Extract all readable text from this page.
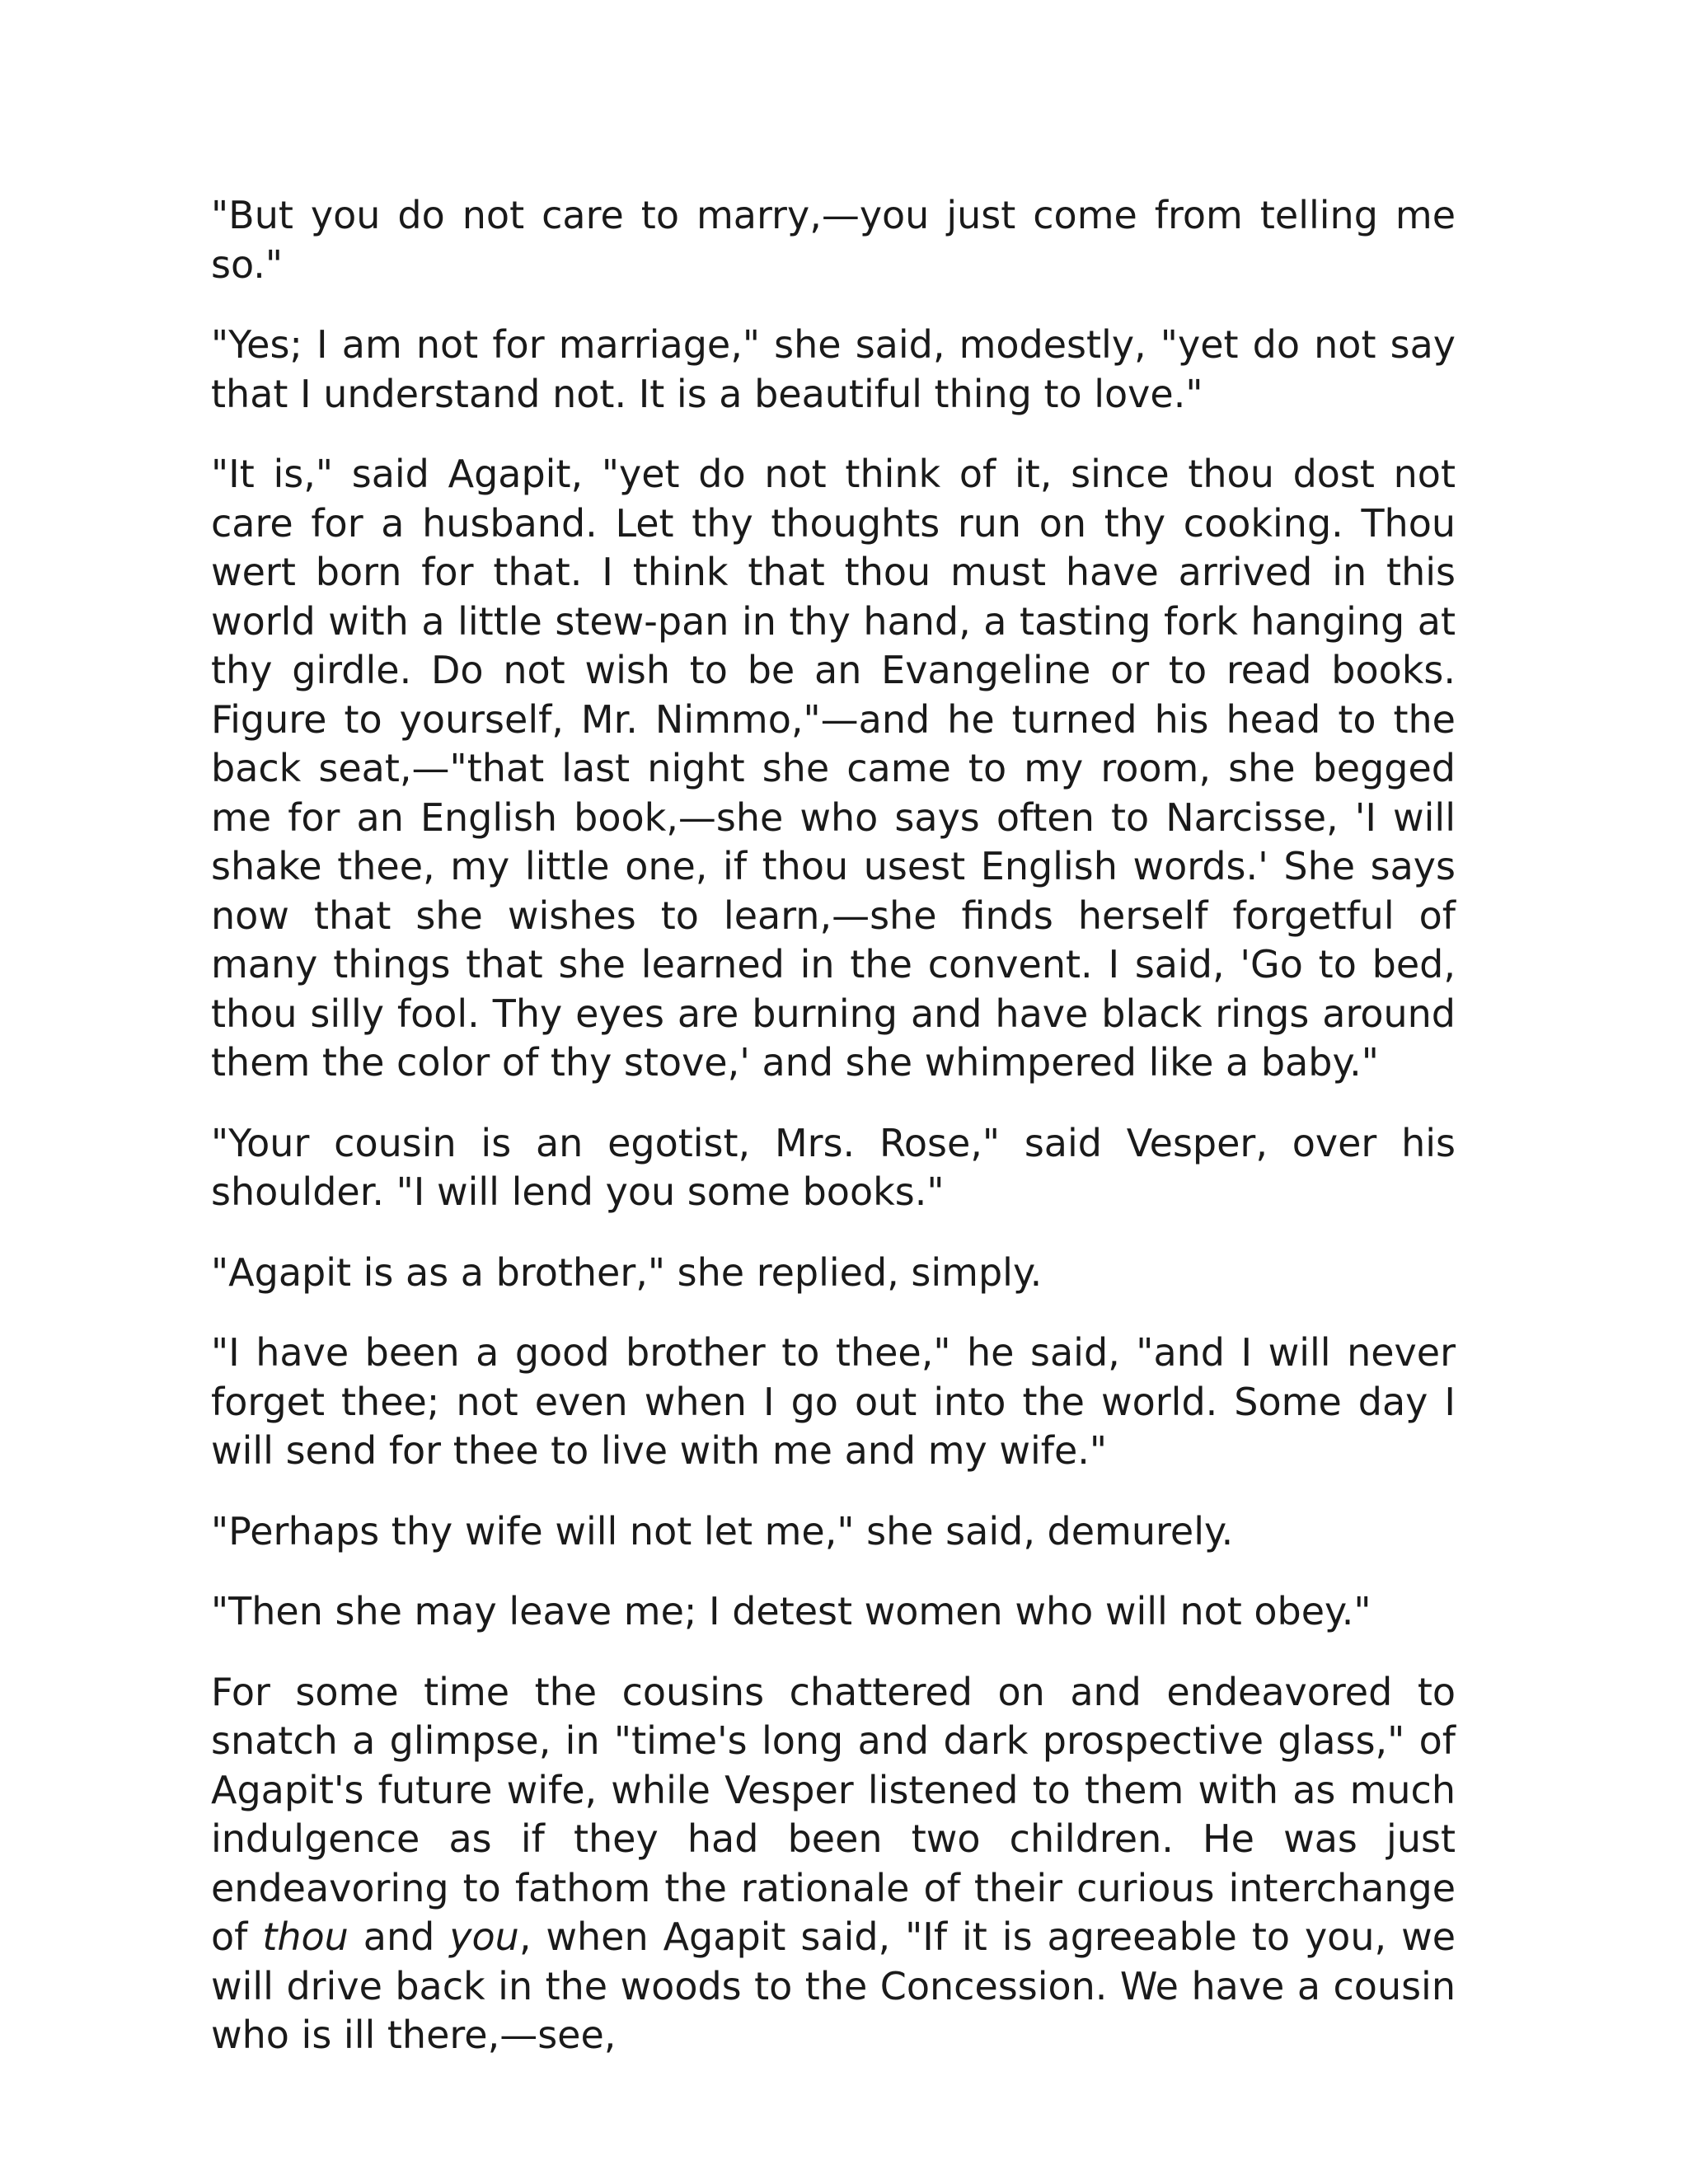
"But you do not care to marry,—you just come from telling me so."

"Yes; I am not for marriage," she said, modestly, "yet do not say that I understand not. It is a beautiful thing to love."

"It is," said Agapit, "yet do not think of it, since thou dost not care for a husband. Let thy thoughts run on thy cooking. Thou wert born for that. I think that thou must have arrived in this world with a little stew-pan in thy hand, a tasting fork hanging at thy girdle. Do not wish to be an Evangeline or to read books. Figure to yourself, Mr. Nimmo,"—and he turned his head to the back seat,—"that last night she came to my room, she begged me for an English book,—she who says often to Narcisse, 'I will shake thee, my little one, if thou usest English words.' She says now that she wishes to learn,—she finds herself forgetful of many things that she learned in the convent. I said, 'Go to bed, thou silly fool. Thy eyes are burning and have black rings around them the color of thy stove,' and she whimpered like a baby."

"Your cousin is an egotist, Mrs. Rose," said Vesper, over his shoulder. "I will lend you some books."

"Agapit is as a brother," she replied, simply.

"I have been a good brother to thee," he said, "and I will never forget thee; not even when I go out into the world. Some day I will send for thee to live with me and my wife."

"Perhaps thy wife will not let me," she said, demurely.

"Then she may leave me; I detest women who will not obey."

For some time the cousins chattered on and endeavored to snatch a glimpse, in "time's long and dark prospective glass," of Agapit's future wife, while Vesper listened to them with as much indulgence as if they had been two children. He was just endeavoring to fathom the rationale of their curious interchange of thou and you, when Agapit said, "If it is agreeable to you, we will drive back in the woods to the Concession. We have a cousin who is ill there,—see,
